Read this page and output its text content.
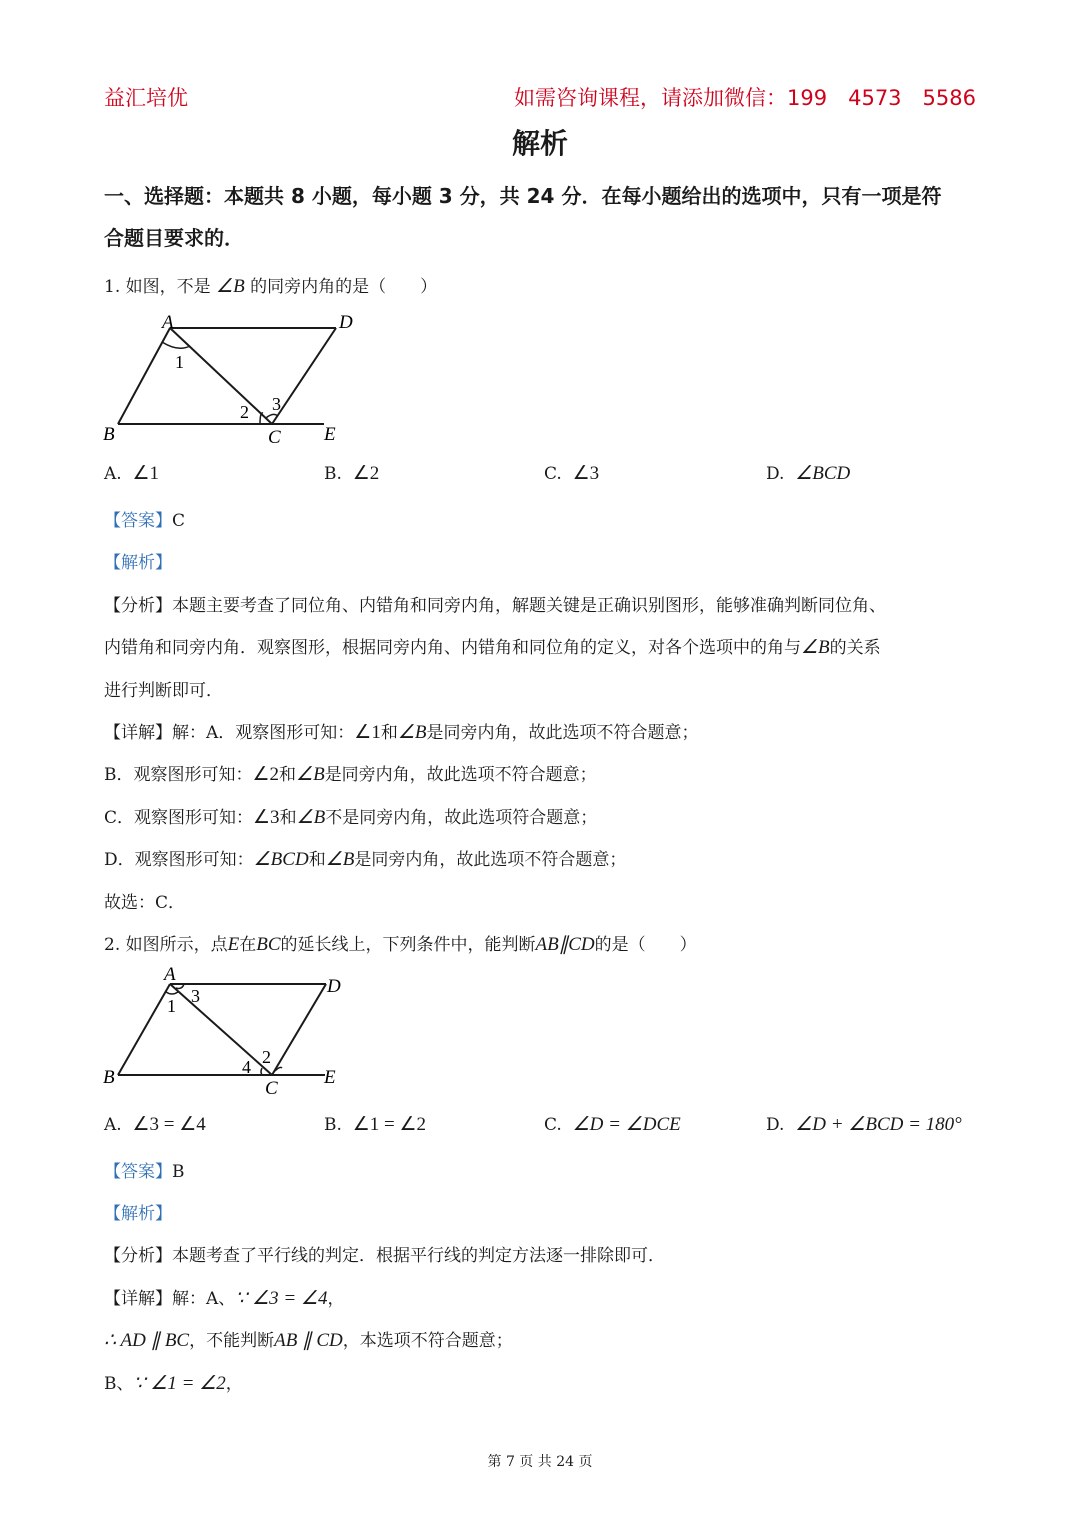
益汇培优	如需咨询课程，请添加微信：199　4573　5586
解析
一、选择题：本题共 8 小题，每小题 3 分，共 24 分．在每小题给出的选项中，只有一项是符
合题目要求的．
1. 如图，不是 ∠B 的同旁内角的是（　　）
A	D
1
2 3
B	C E
A. ∠1	B. ∠2	C. ∠3	D. ∠BCD
【答案】C
【解析】
【分析】本题主要考查了同位角、内错角和同旁内角，解题关键是正确识别图形，能够准确判断同位角、
内错角和同旁内角．观察图形，根据同旁内角、内错角和同位角的定义，对各个选项中的角与∠B的关系
进行判断即可．
【详解】解：A．观察图形可知：∠1和∠B是同旁内角，故此选项不符合题意；
B．观察图形可知：∠2和∠B是同旁内角，故此选项不符合题意；
C．观察图形可知：∠3和∠B不是同旁内角，故此选项符合题意；
D．观察图形可知：∠BCD和∠B是同旁内角，故此选项不符合题意；
故选：C．
2. 如图所示，点E在BC的延长线上，下列条件中，能判断AB∥CD的是（　　）
A
D
1 3
2
4
B
C
E
A. ∠3 = ∠4	B. ∠1 = ∠2	C. ∠D = ∠DCE	D. ∠D + ∠BCD = 180°
【答案】B
【解析】
【分析】本题考查了平行线的判定．根据平行线的判定方法逐一排除即可．
【详解】解：A、∵ ∠3 = ∠4，
∴ AD ∥ BC，不能判断AB ∥ CD，本选项不符合题意；
B、∵ ∠1 = ∠2，
第 7 页 共 24 页
